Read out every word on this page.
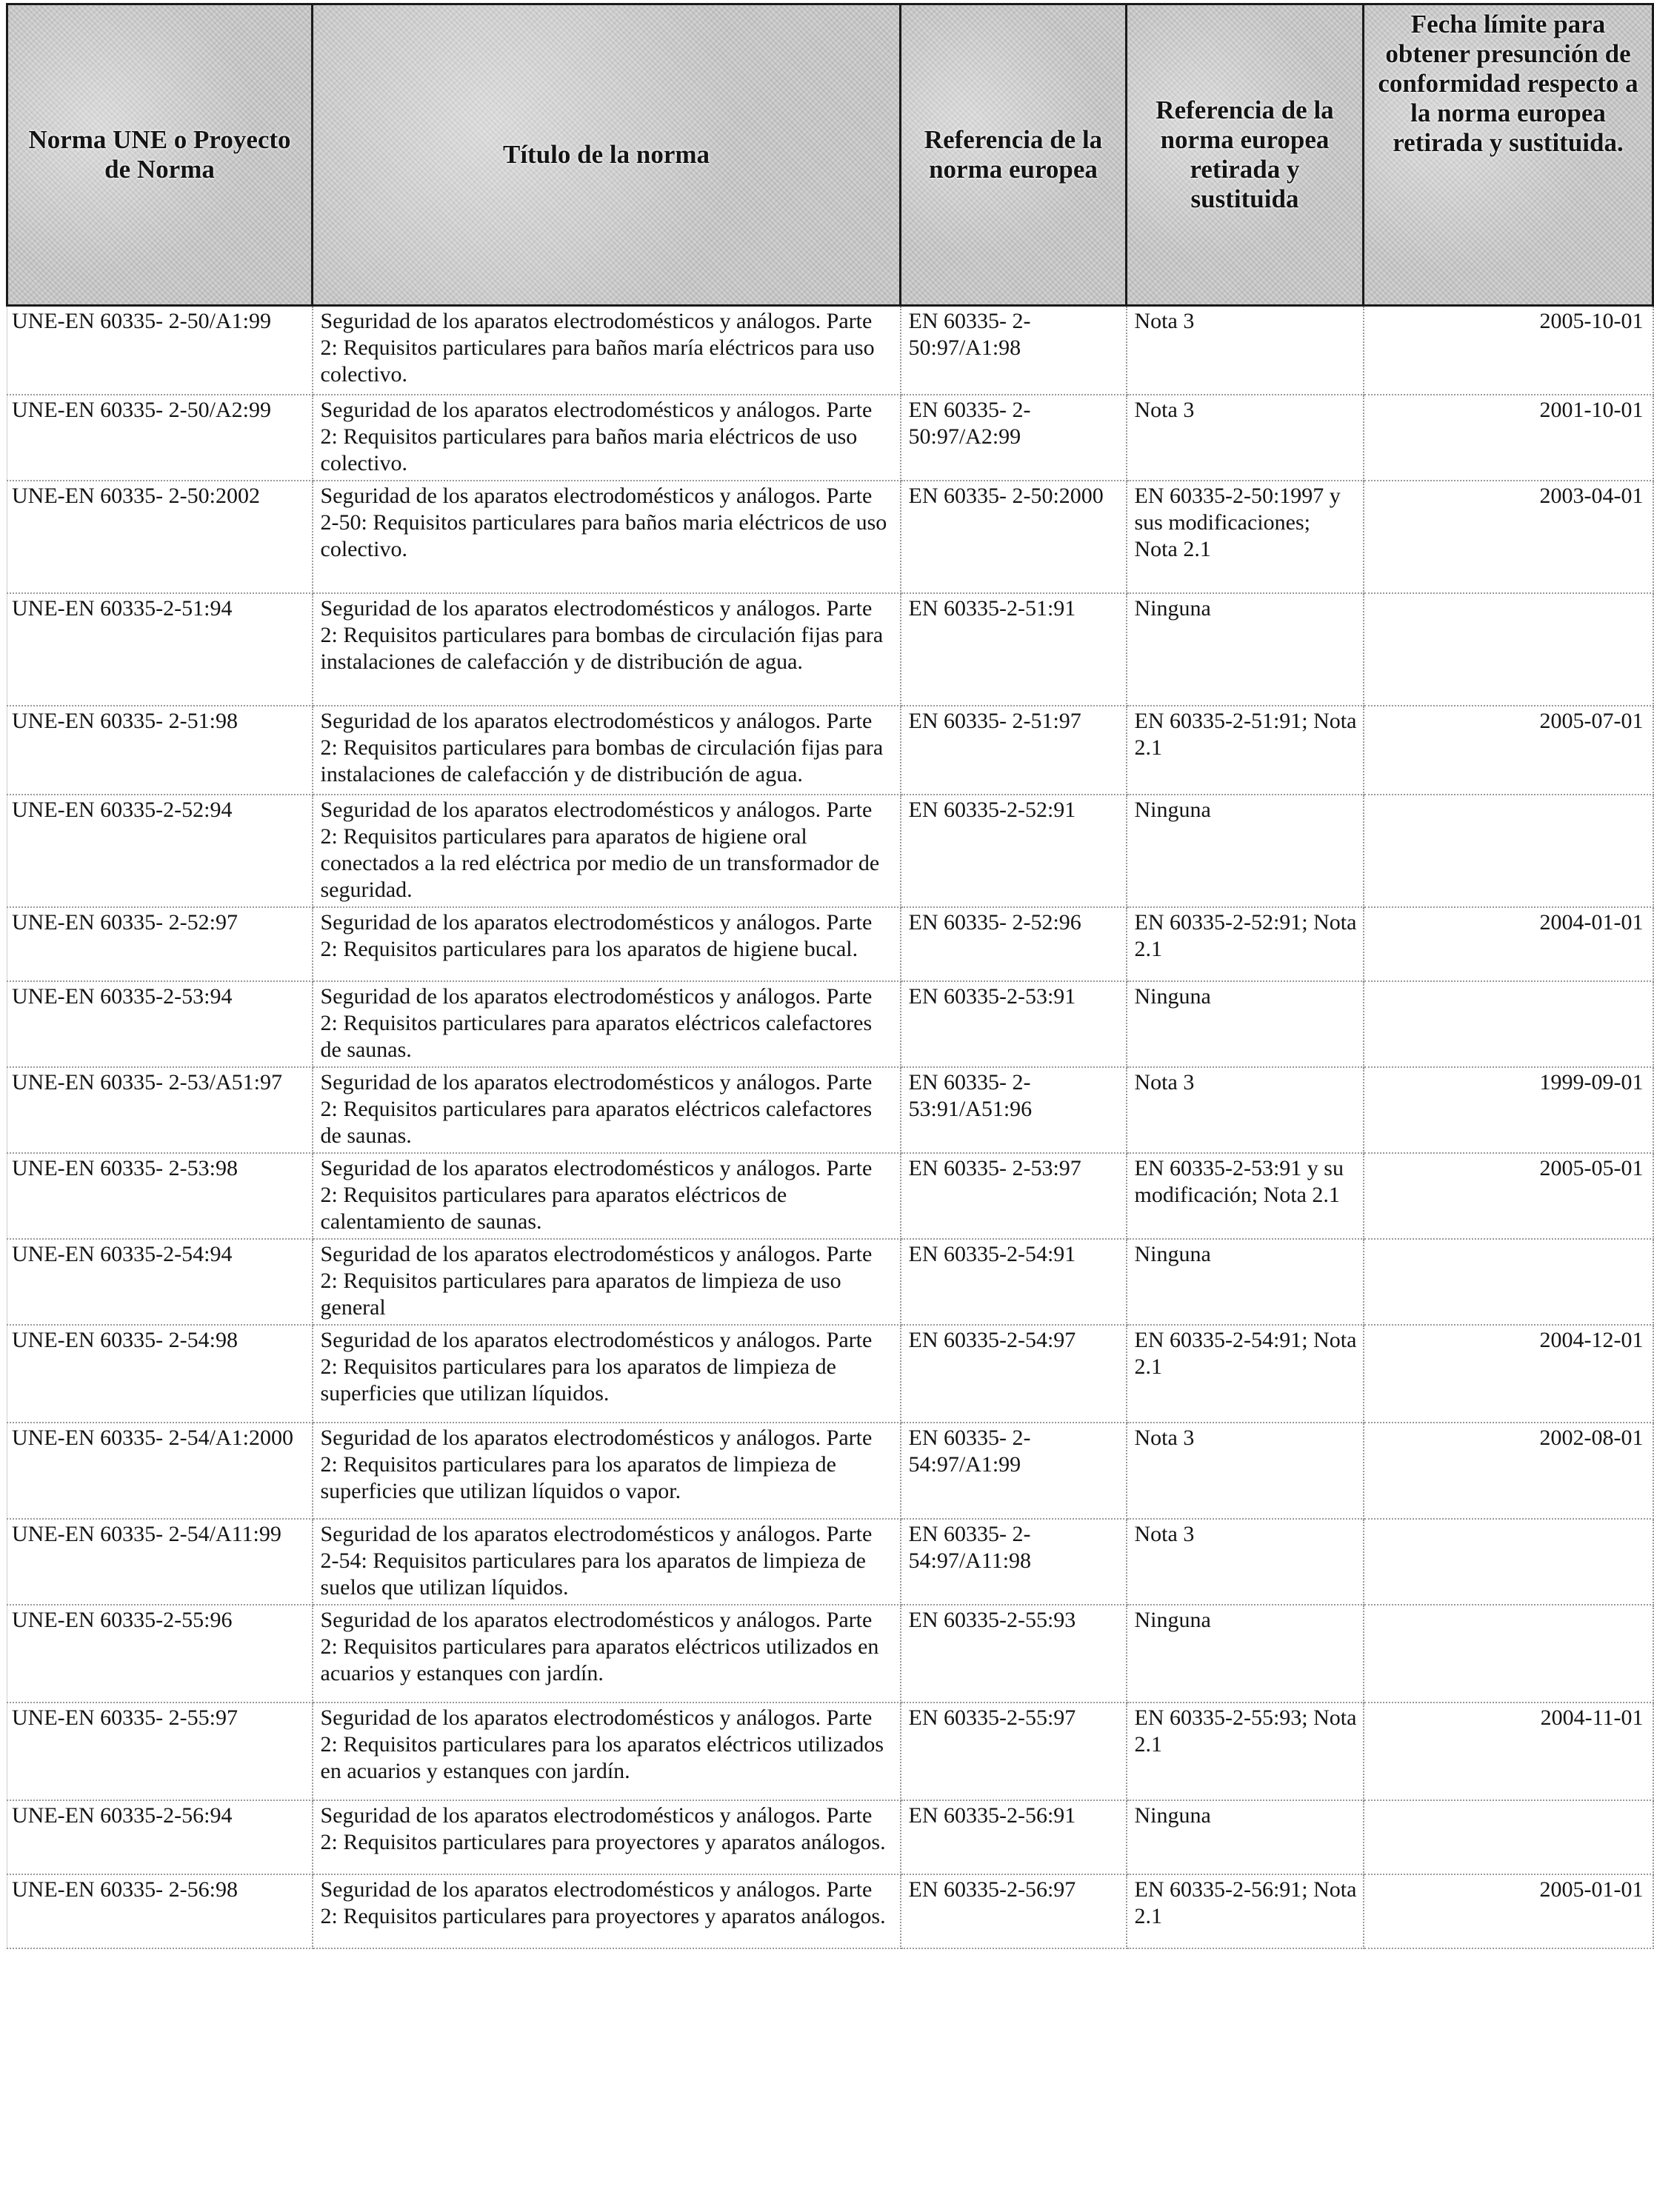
Norma UNE o Proyecto de Norma	Título de la norma	Referencia de la norma europea	Referencia de la norma europea retirada y sustituida	Fecha límite para obtener presunción de conformidad respecto a la norma europea retirada y sustituida.
UNE-EN 60335- 2-50/A1:99	Seguridad de los aparatos electrodomésticos y análogos. Parte 2: Requisitos particulares para baños maría eléctricos para uso colectivo.	EN 60335- 2-50:97/A1:98	Nota 3	2005-10-01
UNE-EN 60335- 2-50/A2:99	Seguridad de los aparatos electrodomésticos y análogos. Parte 2: Requisitos particulares para baños maria eléctricos de uso colectivo.	EN 60335- 2-50:97/A2:99	Nota 3	2001-10-01
UNE-EN 60335- 2-50:2002	Seguridad de los aparatos electrodomésticos y análogos. Parte 2-50: Requisitos particulares para baños maria eléctricos de uso colectivo.	EN 60335- 2-50:2000	EN 60335-2-50:1997 y sus modificaciones; Nota 2.1	2003-04-01
UNE-EN 60335-2-51:94	Seguridad de los aparatos electrodomésticos y análogos. Parte 2: Requisitos particulares para bombas de circulación fijas para instalaciones de calefacción y de distribución de agua.	EN 60335-2-51:91	Ninguna	
UNE-EN 60335- 2-51:98	Seguridad de los aparatos electrodomésticos y análogos. Parte 2: Requisitos particulares para bombas de circulación fijas para instalaciones de calefacción y de distribución de agua.	EN 60335- 2-51:97	EN 60335-2-51:91; Nota 2.1	2005-07-01
UNE-EN 60335-2-52:94	Seguridad de los aparatos electrodomésticos y análogos. Parte 2: Requisitos particulares para aparatos de higiene oral conectados a la red eléctrica por medio de un transformador de seguridad.	EN 60335-2-52:91	Ninguna	
UNE-EN 60335- 2-52:97	Seguridad de los aparatos electrodomésticos y análogos. Parte 2: Requisitos particulares para los aparatos de higiene bucal.	EN 60335- 2-52:96	EN 60335-2-52:91; Nota 2.1	2004-01-01
UNE-EN 60335-2-53:94	Seguridad de los aparatos electrodomésticos y análogos. Parte 2: Requisitos particulares para aparatos eléctricos calefactores de saunas.	EN 60335-2-53:91	Ninguna	
UNE-EN 60335- 2-53/A51:97	Seguridad de los aparatos electrodomésticos y análogos. Parte 2: Requisitos particulares para aparatos eléctricos calefactores de saunas.	EN 60335- 2-53:91/A51:96	Nota 3	1999-09-01
UNE-EN 60335- 2-53:98	Seguridad de los aparatos electrodomésticos y análogos. Parte 2: Requisitos particulares para aparatos eléctricos de calentamiento de saunas.	EN 60335- 2-53:97	EN 60335-2-53:91 y su modificación; Nota 2.1	2005-05-01
UNE-EN 60335-2-54:94	Seguridad de los aparatos electrodomésticos y análogos. Parte 2: Requisitos particulares para aparatos de limpieza de uso general	EN 60335-2-54:91	Ninguna	
UNE-EN 60335- 2-54:98	Seguridad de los aparatos electrodomésticos y análogos. Parte 2: Requisitos particulares para los aparatos de limpieza de superficies que utilizan líquidos.	EN 60335-2-54:97	EN 60335-2-54:91; Nota 2.1	2004-12-01
UNE-EN 60335- 2-54/A1:2000	Seguridad de los aparatos electrodomésticos y análogos. Parte 2: Requisitos particulares para los aparatos de limpieza de superficies que utilizan líquidos o vapor.	EN 60335- 2-54:97/A1:99	Nota 3	2002-08-01
UNE-EN 60335- 2-54/A11:99	Seguridad de los aparatos electrodomésticos y análogos. Parte 2-54: Requisitos particulares para los aparatos de limpieza de suelos que utilizan líquidos.	EN 60335- 2-54:97/A11:98	Nota 3	
UNE-EN 60335-2-55:96	Seguridad de los aparatos electrodomésticos y análogos. Parte 2: Requisitos particulares para aparatos eléctricos utilizados en acuarios y estanques con jardín.	EN 60335-2-55:93	Ninguna	
UNE-EN 60335- 2-55:97	Seguridad de los aparatos electrodomésticos y análogos. Parte 2: Requisitos particulares para los aparatos eléctricos utilizados en acuarios y estanques con jardín.	EN 60335-2-55:97	EN 60335-2-55:93; Nota 2.1	2004-11-01
UNE-EN 60335-2-56:94	Seguridad de los aparatos electrodomésticos y análogos. Parte 2: Requisitos particulares para proyectores y aparatos análogos.	EN 60335-2-56:91	Ninguna	
UNE-EN 60335- 2-56:98	Seguridad de los aparatos electrodomésticos y análogos. Parte 2: Requisitos particulares para proyectores y aparatos análogos.	EN 60335-2-56:97	EN 60335-2-56:91; Nota 2.1	2005-01-01
